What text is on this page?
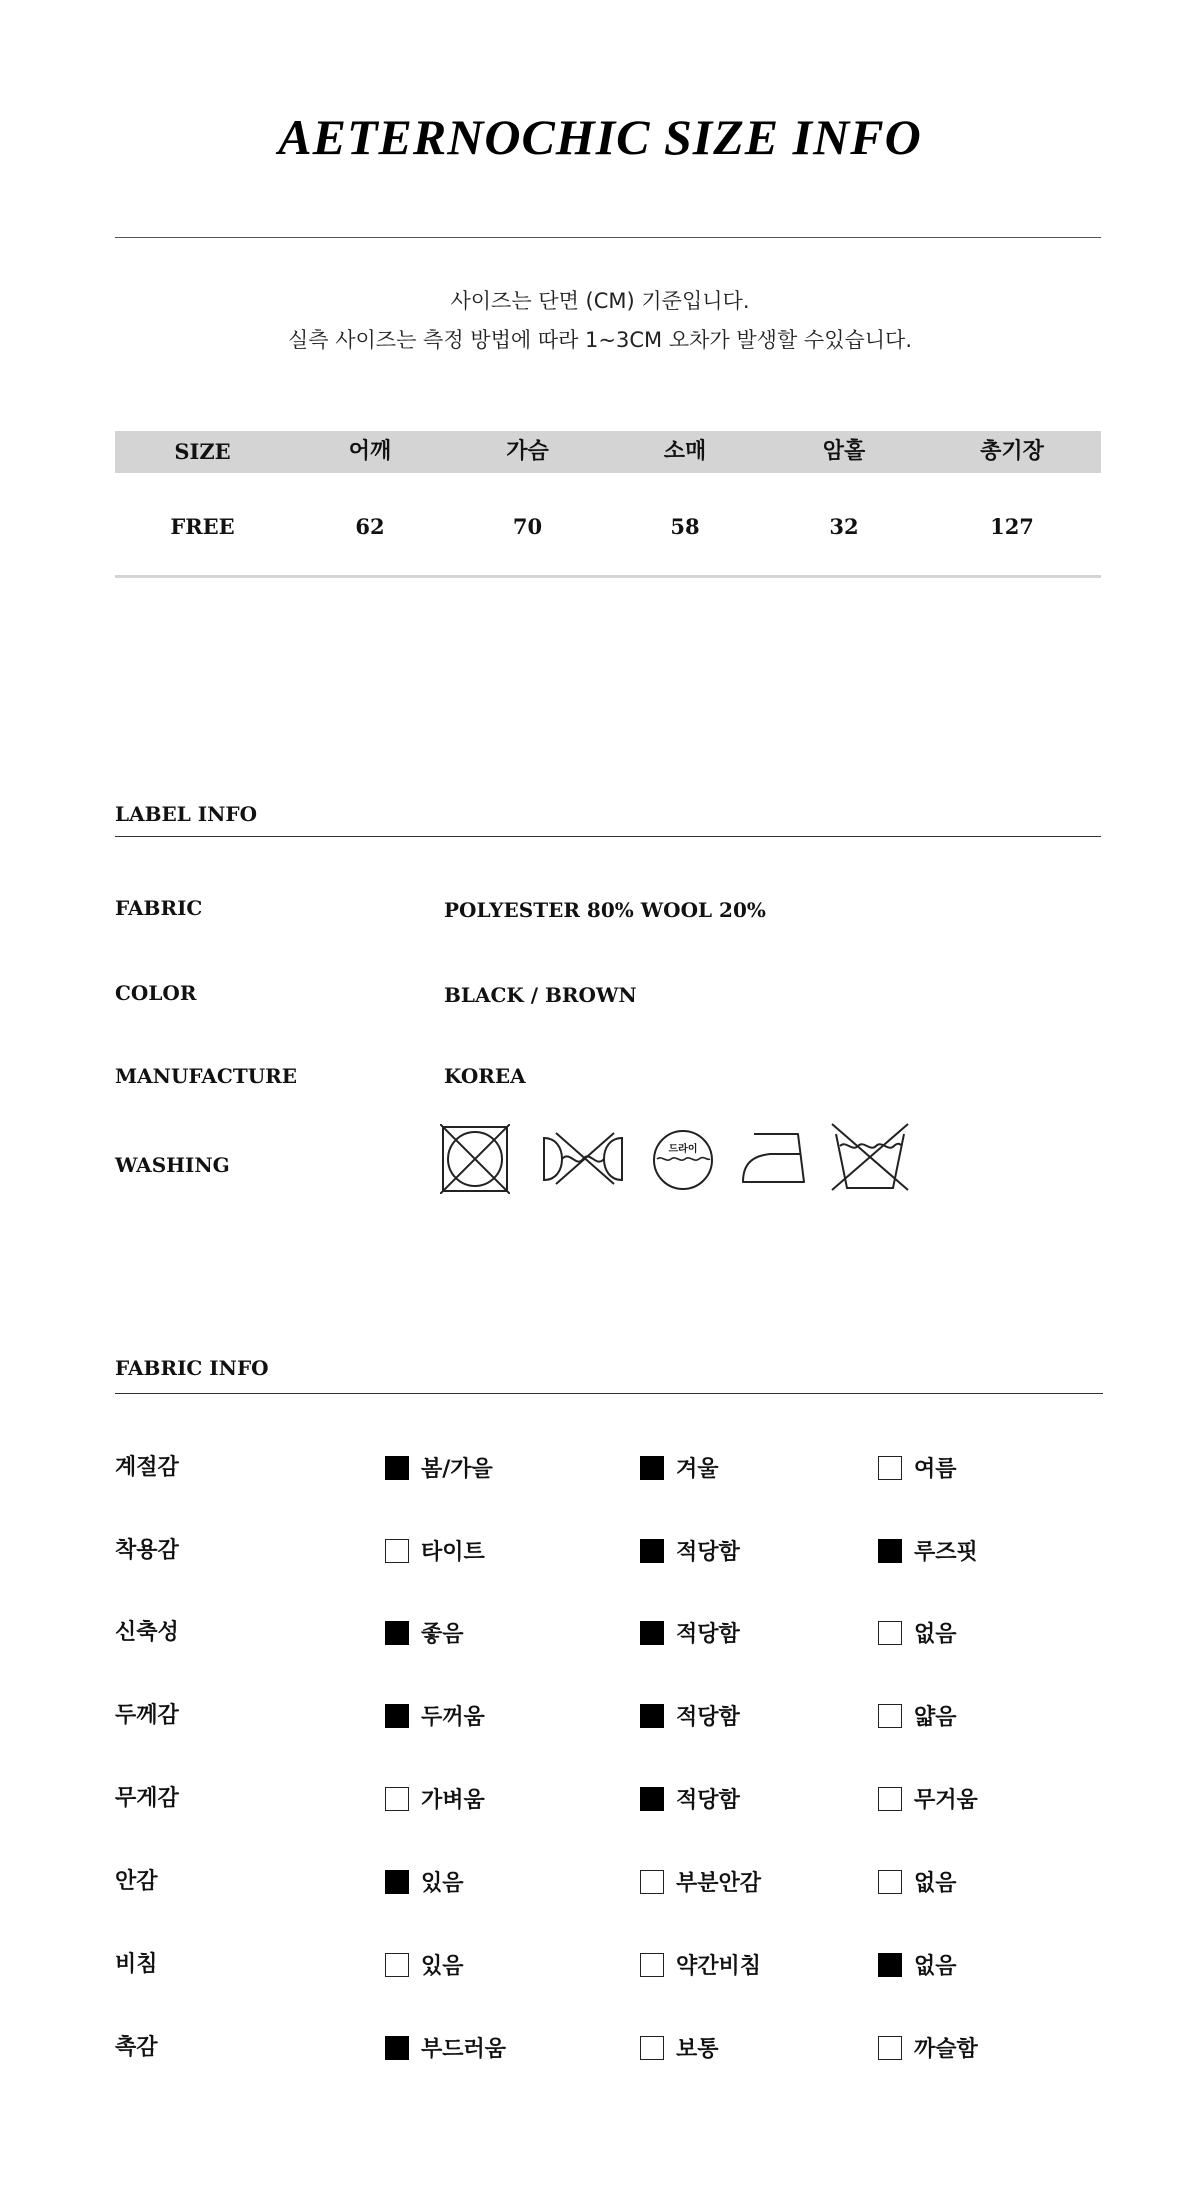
AETERNOCHIC SIZE INFO
사이즈는 단면 (CM) 기준입니다.
실측 사이즈는 측정 방법에 따라 1~3CM 오차가 발생할 수있습니다.
SIZE	어깨	가슴	소매	암홀	총기장
FREE	62	70	58	32	127
LABEL INFO
FABRIC	POLYESTER 80% WOOL 20%
COLOR	BLACK / BROWN
MANUFACTURE	KOREA
WASHING
드라이
FABRIC INFO
계절감	봄/가을	겨울	여름
착용감	타이트	적당함	루즈핏
신축성	좋음	적당함	없음
두께감	두꺼움	적당함	얇음
무게감	가벼움	적당함	무거움
안감	있음	부분안감	없음
비침	있음	약간비침	없음
촉감	부드러움	보통	까슬함
